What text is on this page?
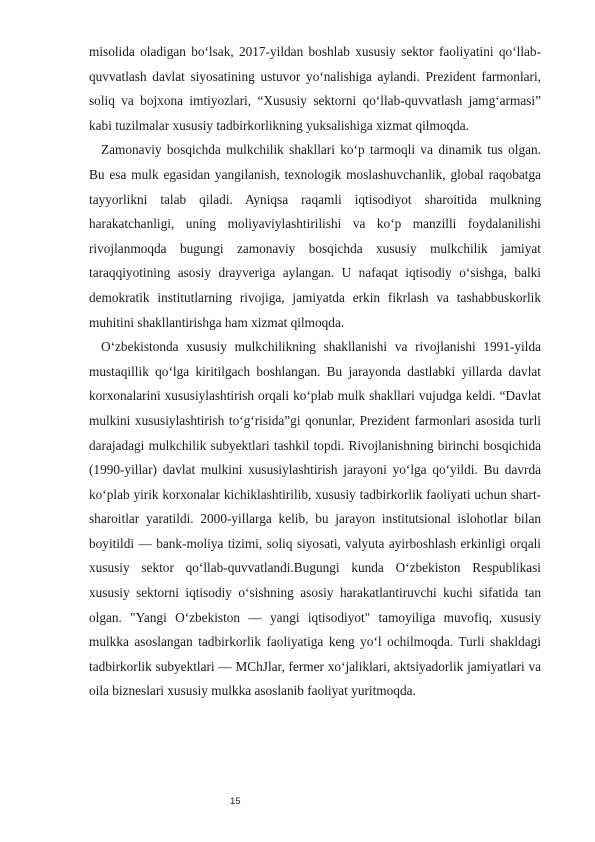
misolida oladigan bo‘lsak, 2017-yildan boshlab xususiy sektor faoliyatini qo‘llab-quvvatlash davlat siyosatining ustuvor yo‘nalishiga aylandi. Prezident farmonlari, soliq va bojxona imtiyozlari, “Xususiy sektorni qo‘llab-quvvatlash jamg‘armasi” kabi tuzilmalar xususiy tadbirkorlikning yuksalishiga xizmat qilmoqda.

Zamonaviy bosqichda mulkchilik shakllari ko‘p tarmoqli va dinamik tus olgan. Bu esa mulk egasidan yangilanish, texnologik moslashuvchanlik, global raqobatga tayyorlikni talab qiladi. Ayniqsa raqamli iqtisodiyot sharoitida mulkning harakatchanligi, uning moliyaviylashtirilishi va ko‘p manzilli foydalanilishi rivojlanmoqda bugungi zamonaviy bosqichda xususiy mulkchilik jamiyat taraqqiyotining asosiy drayveriga aylangan. U nafaqat iqtisodiy o‘sishga, balki demokratik institutlarning rivojiga, jamiyatda erkin fikrlash va tashabbuskorlik muhitini shakllantirishga ham xizmat qilmoqda.

O‘zbekistonda xususiy mulkchilikning shakllanishi va rivojlanishi 1991-yilda mustaqillik qo‘lga kiritilgach boshlangan. Bu jarayonda dastlabki yillarda davlat korxonalarini xususiylashtirish orqali ko‘plab mulk shakllari vujudga keldi. “Davlat mulkini xususiylashtirish to‘g‘risida”gi qonunlar, Prezident farmonlari asosida turli darajadagi mulkchilik subyektlari tashkil topdi. Rivojlanishning birinchi bosqichida (1990-yillar) davlat mulkini xususiylashtirish jarayoni yo‘lga qo‘yildi. Bu davrda ko‘plab yirik korxonalar kichiklashtirilib, xususiy tadbirkorlik faoliyati uchun shart-sharoitlar yaratildi. 2000-yillarga kelib, bu jarayon institutsional islohotlar bilan boyitildi — bank-moliya tizimi, soliq siyosati, valyuta ayirboshlash erkinligi orqali xususiy sektor qo‘llab-quvvatlandi.Bugungi kunda O‘zbekiston Respublikasi xususiy sektorni iqtisodiy o‘sishning asosiy harakatlantiruvchi kuchi sifatida tan olgan. "Yangi O‘zbekiston — yangi iqtisodiyot" tamoyiliga muvofiq, xususiy mulkka asoslangan tadbirkorlik faoliyatiga keng yo‘l ochilmoqda. Turli shakldagi tadbirkorlik subyektlari — MChJlar, fermer xo‘jaliklari, aktsiyadorlik jamiyatlari va oila bizneslari xususiy mulkka asoslanib faoliyat yuritmoqda.

15
